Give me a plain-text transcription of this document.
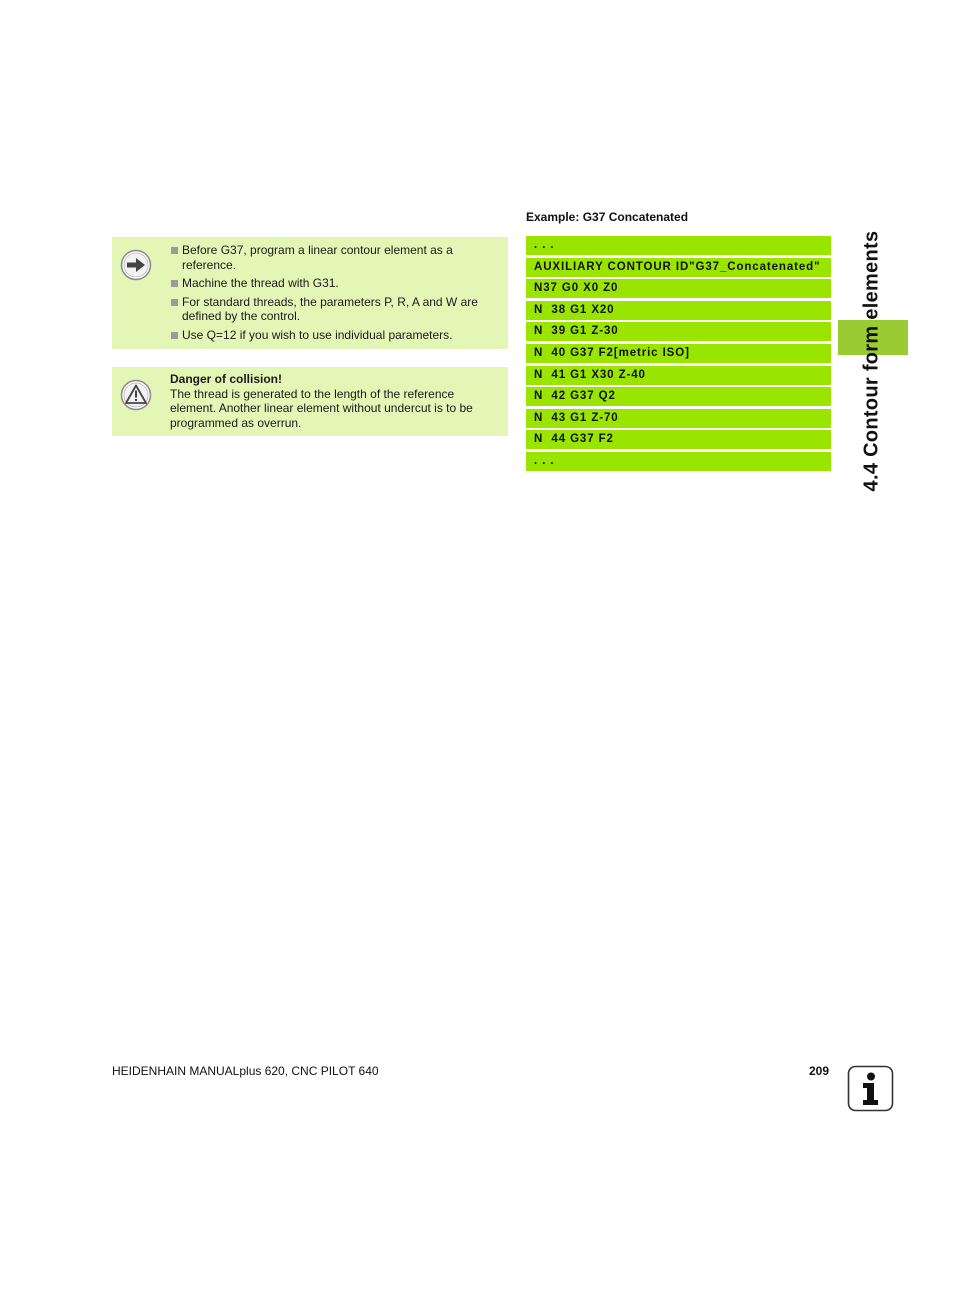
Before G37, program a linear contour element as a reference.
Machine the thread with G31.
For standard threads, the parameters P, R, A and W are defined by the control.
Use Q=12 if you wish to use individual parameters.
Danger of collision!
The thread is generated to the length of the reference element. Another linear element without undercut is to be programmed as overrun.
Example: G37 Concatenated
. . .
AUXILIARY CONTOUR ID"G37_Concatenated"
N37 G0 X0 Z0
N  38 G1 X20
N  39 G1 Z-30
N  40 G37 F2[metric ISO]
N  41 G1 X30 Z-40
N  42 G37 Q2
N  43 G1 Z-70
N  44 G37 F2
. . .	4.4 Contour form elements
HEIDENHAIN MANUALplus 620, CNC PILOT 640	209
